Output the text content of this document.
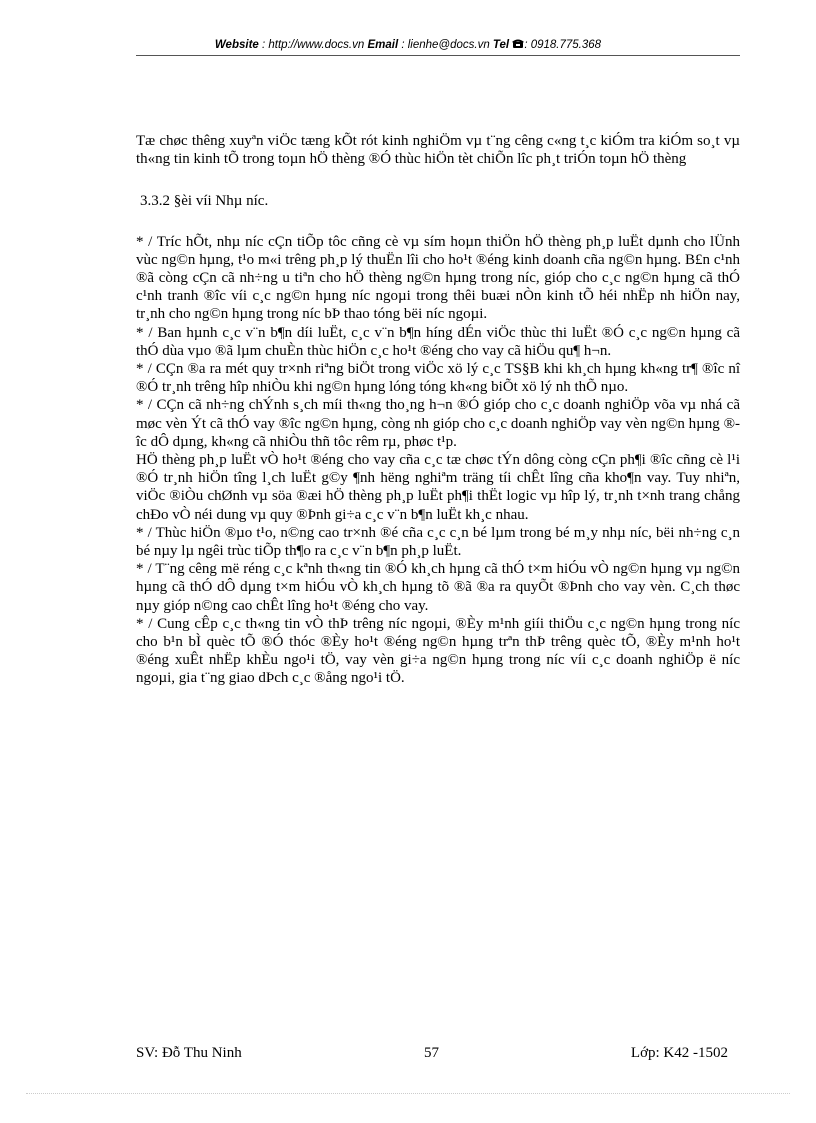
Website : http://www.docs.vn Email : lienhe@docs.vn Tel : 0918.775.368

Tæ chøc thêng xuyªn viÖc tæng kÕt rót kinh nghiÖm vµ t¨ng cêng c«ng t¸c kiÓm tra kiÓm so¸t vµ th«ng tin kinh tÕ trong toµn hÖ thèng ®Ó thùc hiÖn tèt chiÕn lîc ph¸t triÓn toµn hÖ thèng

3.3.2 §èi víi Nhµ níc.

* / Tríc hÕt, nhµ níc cÇn tiÕp tôc cñng cè vµ sím hoµn thiÖn hÖ thèng ph¸p luËt dµnh cho lÜnh vùc ng©n hµng, t¹o m«i trêng ph¸p lý thuËn lîi cho ho¹t ®éng kinh doanh cña ng©n hµng. B£n c¹nh ®ã còng cÇn cã nh÷ng u tiªn cho hÖ thèng ng©n hµng trong níc, gióp cho c¸c ng©n hµng cã thÓ c¹nh tranh ®îc víi c¸c ng©n hµng níc ngoµi trong thêi buæi nÒn kinh tÕ héi nhËp nh hiÖn nay, tr¸nh cho ng©n hµng trong níc bÞ thao tóng bëi níc ngoµi.

* / Ban hµnh c¸c v¨n b¶n díi luËt, c¸c v¨n b¶n híng dÉn viÖc thùc thi luËt ®Ó c¸c ng©n hµng cã thÓ dùa vµo ®ã lµm chuÈn thùc hiÖn c¸c ho¹t ®éng cho vay cã hiÖu qu¶ h¬n.

* / CÇn ®a ra mét quy tr×nh riªng biÖt trong viÖc xö lý c¸c TS§B khi kh¸ch hµng kh«ng tr¶ ®îc nî ®Ó tr¸nh trêng hîp nhiÒu khi ng©n hµng lóng tóng kh«ng biÕt xö lý nh thÕ nµo.

* / CÇn cã nh÷ng chÝnh s¸ch míi th«ng tho¸ng h¬n ®Ó gióp cho c¸c doanh nghiÖp võa vµ nhá cã møc vèn Ýt cã thÓ vay ®îc ng©n hµng, còng nh gióp cho c¸c doanh nghiÖp vay vèn ng©n hµng ®îc dÔ dµng, kh«ng cã nhiÒu thñ tôc rêm rµ, phøc t¹p.

HÖ thèng ph¸p luËt vÒ ho¹t ®éng cho vay cña c¸c tæ chøc tÝn dông còng cÇn ph¶i ®îc cñng cè l¹i ®Ó tr¸nh hiÖn tîng l¸ch luËt g©y ¶nh hëng nghiªm träng tíi chÊt lîng cña kho¶n vay. Tuy nhiªn, viÖc ®iÒu chØnh vµ söa ®æi hÖ thèng ph¸p luËt ph¶i thËt logic vµ hîp lý, tr¸nh t×nh trang chång chÐo vÒ néi dung vµ quy ®Þnh gi÷a c¸c v¨n b¶n luËt kh¸c nhau.

* / Thùc hiÖn ®µo t¹o, n©ng cao tr×nh ®é cña c¸c c¸n bé lµm trong bé m¸y nhµ níc, bëi nh÷ng c¸n bé nµy lµ ngêi trùc tiÕp th¶o ra c¸c v¨n b¶n ph¸p luËt.

* / T¨ng cêng më réng c¸c kªnh th«ng tin ®Ó kh¸ch hµng cã thÓ t×m hiÓu vÒ ng©n hµng vµ ng©n hµng cã thÓ dÔ dµng t×m hiÓu vÒ kh¸ch hµng tõ ®ã ®a ra quyÕt ®Þnh cho vay vèn. C¸ch thøc nµy gióp n©ng cao chÊt lîng ho¹t ®éng cho vay.

* / Cung cÊp c¸c th«ng tin vÒ thÞ trêng níc ngoµi, ®Èy m¹nh giíi thiÖu c¸c ng©n hµng trong níc cho b¹n bÌ quèc tÕ ®Ó thóc ®Èy ho¹t ®éng ng©n hµng trªn thÞ trêng quèc tÕ, ®Èy m¹nh ho¹t ®éng xuÊt nhËp khÈu ngo¹i tÖ, vay vèn gi÷a ng©n hµng trong níc víi c¸c doanh nghiÖp ë níc ngoµi, gia t¨ng giao dÞch c¸c ®ång ngo¹i tÖ.

SV: Đỗ Thu Ninh	57	Lớp: K42 -1502
